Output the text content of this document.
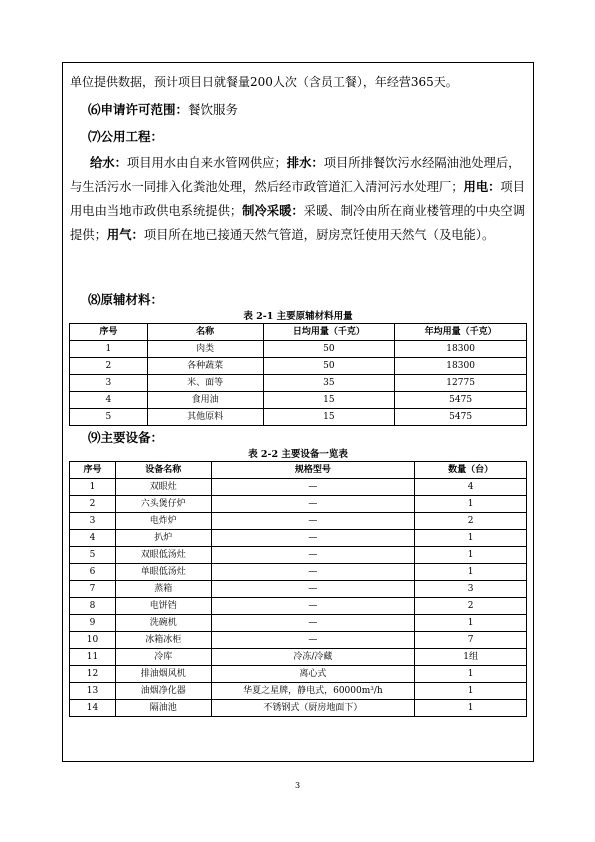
单位提供数据，预计项目日就餐量200人次（含员工餐），年经营365天。

⑹申请许可范围：餐饮服务
⑺公用工程：

给水：项目用水由自来水管网供应；排水：项目所排餐饮污水经隔油池处理后，与生活污水一同排入化粪池处理，然后经市政管道汇入清河污水处理厂；用电：项目用电由当地市政供电系统提供；制冷采暖：采暖、制冷由所在商业楼管理的中央空调提供；用气：项目所在地已接通天然气管道，厨房烹饪使用天然气（及电能）。

⑻原辅材料：
表 2-1 主要原辅材料用量
序号	名称	日均用量（千克）	年均用量（千克）
1	肉类	50	18300
2	各种蔬菜	50	18300
3	米、面等	35	12775
4	食用油	15	5475
5	其他原料	15	5475
⑼主要设备：
表 2-2 主要设备一览表
序号	设备名称	规格型号	数量（台）
1	双眼灶	—	4
2	六头煲仔炉	—	1
3	电炸炉	—	2
4	扒炉	—	1
5	双眼低汤灶	—	1
6	单眼低汤灶	—	1
7	蒸箱	—	3
8	电饼铛	—	2
9	洗碗机	—	1
10	冰箱冰柜	—	7
11	冷库	冷冻/冷藏	1组
12	排油烟风机	离心式	1
13	油烟净化器	华夏之星牌，静电式，60000m³/h	1
14	隔油池	不锈钢式（厨房地面下）	1
3
